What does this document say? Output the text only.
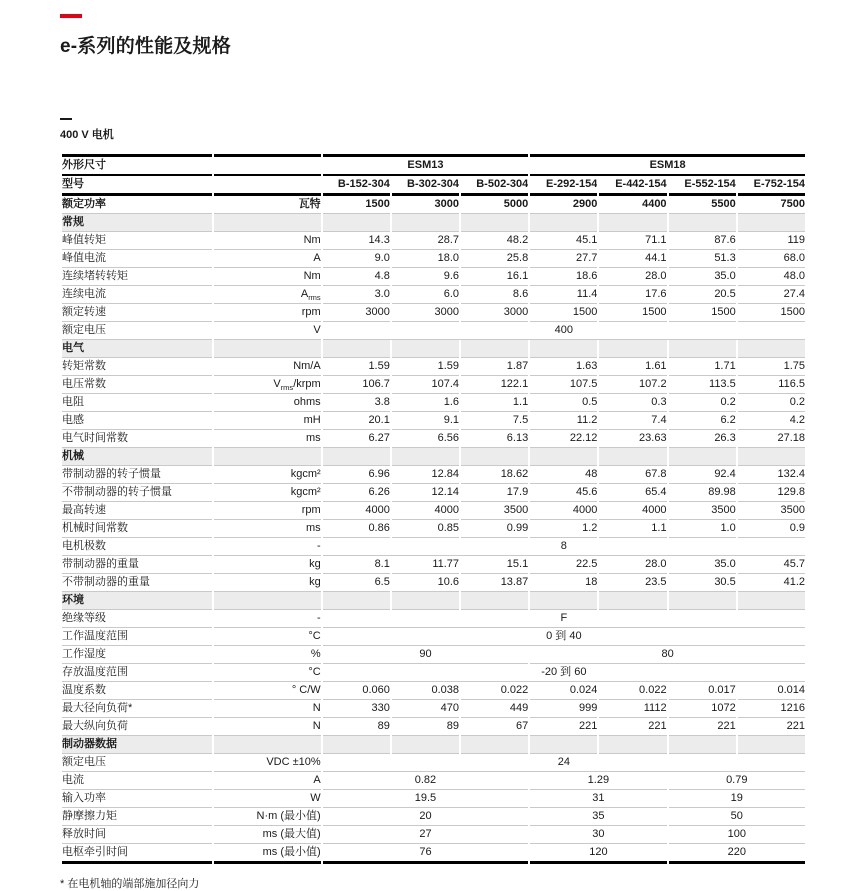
e-系列的性能及规格
400 V 电机
外形尺寸		ESM13			ESM18			
型号		B-152-304	B-302-304	B-502-304	E-292-154	E-442-154	E-552-154	E-752-154
额定功率	瓦特	1500	3000	5000	2900	4400	5500	7500
常规								
峰值转矩	Nm	14.3	28.7	48.2	45.1	71.1	87.6	119
峰值电流	A	9.0	18.0	25.8	27.7	44.1	51.3	68.0
连续堵转转矩	Nm	4.8	9.6	16.1	18.6	28.0	35.0	48.0
连续电流	$A_{rms}$	3.0	6.0	8.6	11.4	17.6	20.5	27.4
额定转速	rpm	3000	3000	3000	1500	1500	1500	1500
额定电压	V	400						
电气								
转矩常数	Nm/A	1.59	1.59	1.87	1.63	1.61	1.71	1.75
电压常数	$V_{rms}$/krpm	106.7	107.4	122.1	107.5	107.2	113.5	116.5
电阻	ohms	3.8	1.6	1.1	0.5	0.3	0.2	0.2
电感	mH	20.1	9.1	7.5	11.2	7.4	6.2	4.2
电气时间常数	ms	6.27	6.56	6.13	22.12	23.63	26.3	27.18
机械								
带制动器的转子惯量	kgcm²	6.96	12.84	18.62	48	67.8	92.4	132.4
不带制动器的转子惯量	kgcm²	6.26	12.14	17.9	45.6	65.4	89.98	129.8
最高转速	rpm	4000	4000	3500	4000	4000	3500	3500
机械时间常数	ms	0.86	0.85	0.99	1.2	1.1	1.0	0.9
电机极数	-	8						
带制动器的重量	kg	8.1	11.77	15.1	22.5	28.0	35.0	45.7
不带制动器的重量	kg	6.5	10.6	13.87	18	23.5	30.5	41.2
环境								
绝缘等级	-	F						
工作温度范围	°C	0 到 40						
工作湿度	%	90			80			
存放温度范围	°C	-20 到 60						
温度系数	° C/W	0.060	0.038	0.022	0.024	0.022	0.017	0.014
最大径向负荷*	N	330	470	449	999	1112	1072	1216
最大纵向负荷	N	89	89	67	221	221	221	221
制动器数据								
额定电压	VDC ±10%	24						
电流	A	0.82			1.29		0.79	
输入功率	W	19.5			31		19	
静摩擦力矩	N·m (最小值)	20			35		50	
释放时间	ms (最大值)	27			30		100	
电枢牵引时间	ms (最小值)	76			120		220	
* 在电机轴的端部施加径向力
